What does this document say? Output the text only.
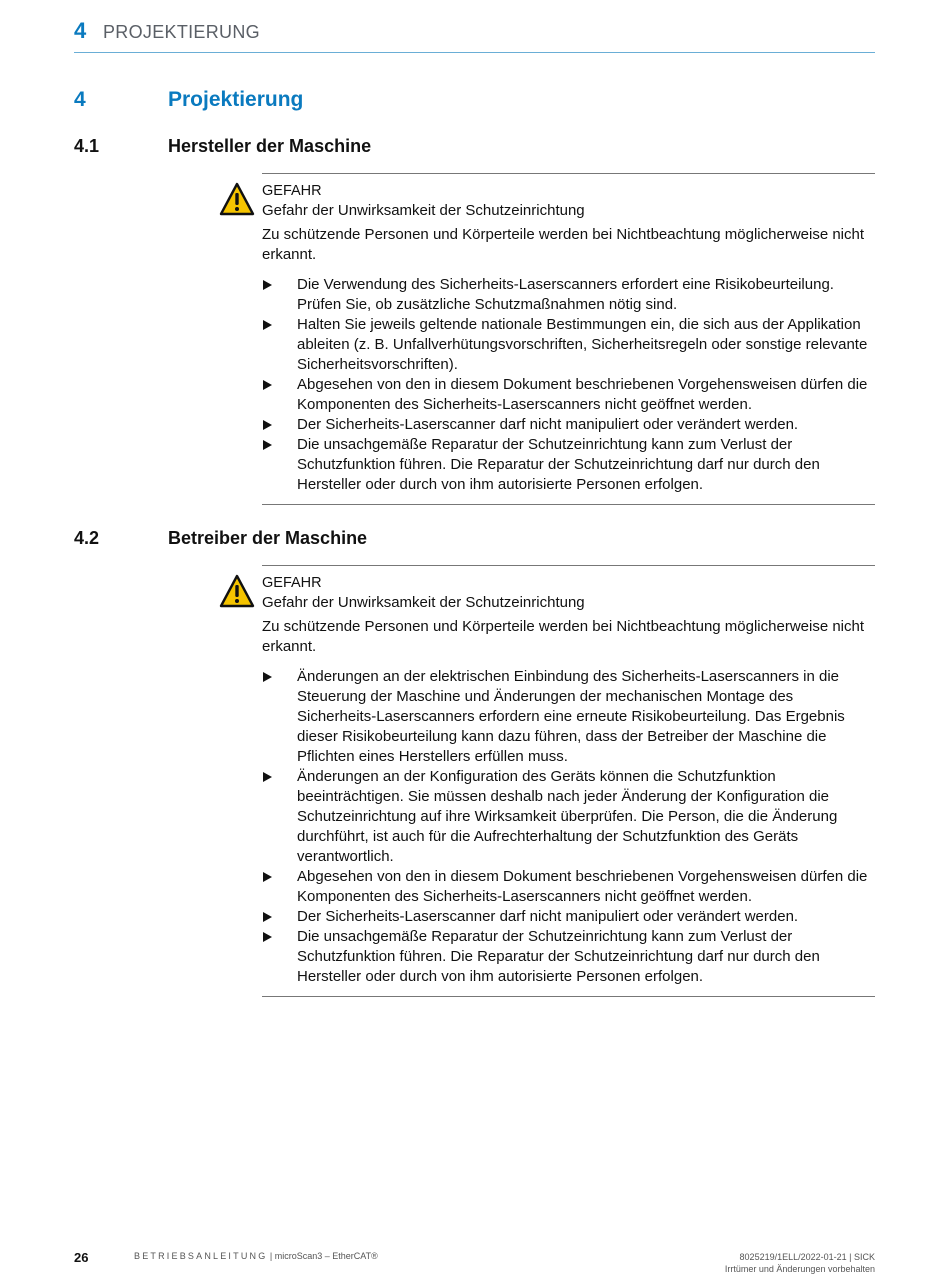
4 PROJEKTIERUNG
4	Projektierung
4.1	Hersteller der Maschine
GEFAHR
Gefahr der Unwirksamkeit der Schutzeinrichtung
Zu schützende Personen und Körperteile werden bei Nichtbeachtung möglicherweise nicht erkannt.
Die Verwendung des Sicherheits-Laserscanners erfordert eine Risikobeurteilung. Prüfen Sie, ob zusätzliche Schutzmaßnahmen nötig sind.
Halten Sie jeweils geltende nationale Bestimmungen ein, die sich aus der Applikation ableiten (z. B. Unfallverhütungsvorschriften, Sicherheitsregeln oder sonstige relevante Sicherheitsvorschriften).
Abgesehen von den in diesem Dokument beschriebenen Vorgehensweisen dürfen die Komponenten des Sicherheits-Laserscanners nicht geöffnet werden.
Der Sicherheits-Laserscanner darf nicht manipuliert oder verändert werden.
Die unsachgemäße Reparatur der Schutzeinrichtung kann zum Verlust der Schutzfunktion führen. Die Reparatur der Schutzeinrichtung darf nur durch den Hersteller oder durch von ihm autorisierte Personen erfolgen.
4.2	Betreiber der Maschine
GEFAHR
Gefahr der Unwirksamkeit der Schutzeinrichtung
Zu schützende Personen und Körperteile werden bei Nichtbeachtung möglicherweise nicht erkannt.
Änderungen an der elektrischen Einbindung des Sicherheits-Laserscanners in die Steuerung der Maschine und Änderungen der mechanischen Montage des Sicherheits-Laserscanners erfordern eine erneute Risikobeurteilung. Das Ergebnis dieser Risikobeurteilung kann dazu führen, dass der Betreiber der Maschine die Pflichten eines Herstellers erfüllen muss.
Änderungen an der Konfiguration des Geräts können die Schutzfunktion beeinträchtigen. Sie müssen deshalb nach jeder Änderung der Konfiguration die Schutzeinrichtung auf ihre Wirksamkeit überprüfen. Die Person, die die Änderung durchführt, ist auch für die Aufrechterhaltung der Schutzfunktion des Geräts verantwortlich.
Abgesehen von den in diesem Dokument beschriebenen Vorgehensweisen dürfen die Komponenten des Sicherheits-Laserscanners nicht geöffnet werden.
Der Sicherheits-Laserscanner darf nicht manipuliert oder verändert werden.
Die unsachgemäße Reparatur der Schutzeinrichtung kann zum Verlust der Schutzfunktion führen. Die Reparatur der Schutzeinrichtung darf nur durch den Hersteller oder durch von ihm autorisierte Personen erfolgen.
26	BETRIEBSANLEITUNG | microScan3 – EtherCAT®	8025219/1ELL/2022-01-21 | SICK
Irrtümer und Änderungen vorbehalten
